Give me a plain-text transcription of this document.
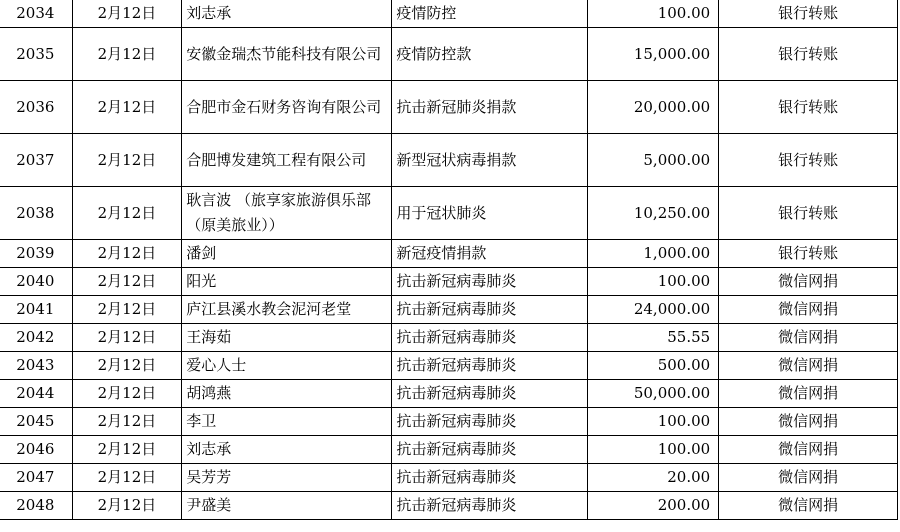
2034	2月12日	刘志承	疫情防控	100.00	银行转账
2035	2月12日	安徽金瑞杰节能科技有限公司	疫情防控款	15,000.00	银行转账
2036	2月12日	合肥市金石财务咨询有限公司	抗击新冠肺炎捐款	20,000.00	银行转账
2037	2月12日	合肥博发建筑工程有限公司	新型冠状病毒捐款	5,000.00	银行转账
2038	2月12日	耿言波 （旅享家旅游俱乐部（原美旅业））	用于冠状肺炎	10,250.00	银行转账
2039	2月12日	潘剑	新冠疫情捐款	1,000.00	银行转账
2040	2月12日	阳光	抗击新冠病毒肺炎	100.00	微信网捐
2041	2月12日	庐江县溪水教会泥河老堂	抗击新冠病毒肺炎	24,000.00	微信网捐
2042	2月12日	王海茹	抗击新冠病毒肺炎	55.55	微信网捐
2043	2月12日	爱心人士	抗击新冠病毒肺炎	500.00	微信网捐
2044	2月12日	胡鸿燕	抗击新冠病毒肺炎	50,000.00	微信网捐
2045	2月12日	李卫	抗击新冠病毒肺炎	100.00	微信网捐
2046	2月12日	刘志承	抗击新冠病毒肺炎	100.00	微信网捐
2047	2月12日	吴芳芳	抗击新冠病毒肺炎	20.00	微信网捐
2048	2月12日	尹盛美	抗击新冠病毒肺炎	200.00	微信网捐
